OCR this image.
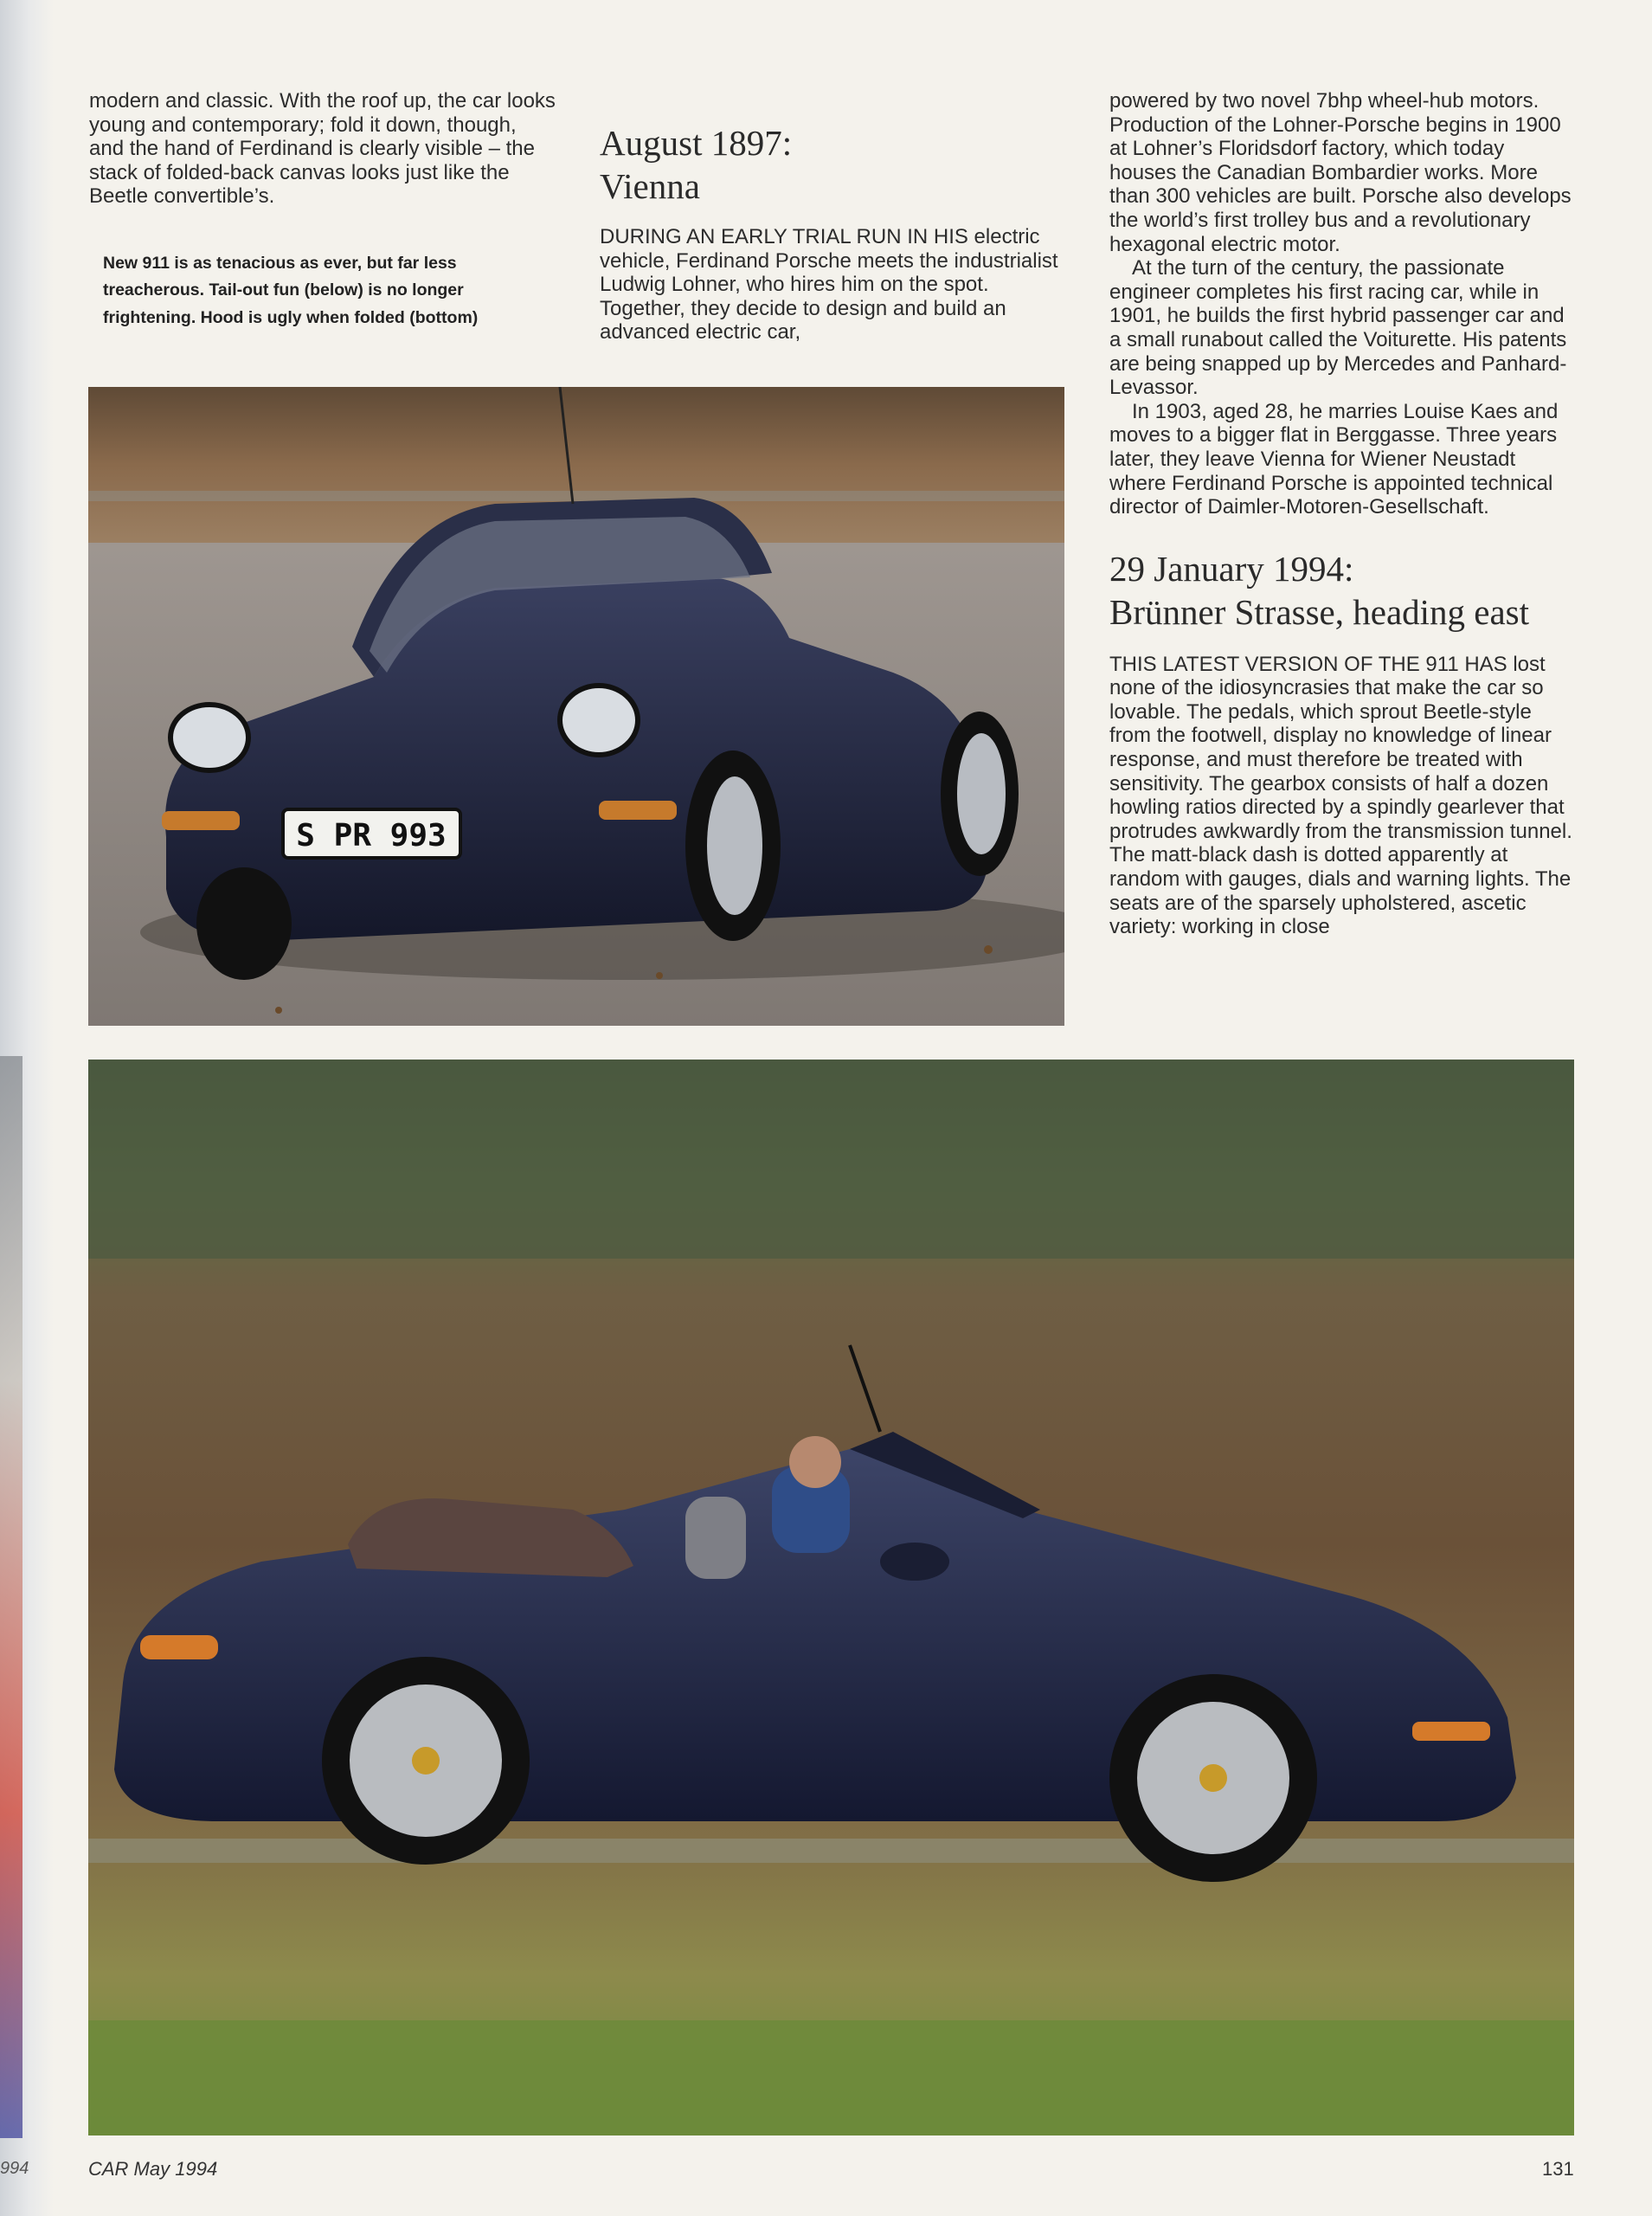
994

modern and classic. With the roof up, the car looks young and contemporary; fold it down, though, and the hand of Ferdinand is clearly visible – the stack of folded-back canvas looks just like the Beetle convertible’s.

New 911 is as tenacious as ever, but far less treacherous. Tail-out fun (below) is no longer frightening. Hood is ugly when folded (bottom)

August 1897:
Vienna

DURING AN EARLY TRIAL RUN IN HIS electric vehicle, Ferdinand Porsche meets the industrialist Ludwig Lohner, who hires him on the spot. Together, they decide to design and build an advanced electric car,

powered by two novel 7bhp wheel-hub motors. Production of the Lohner-Porsche begins in 1900 at Lohner’s Floridsdorf factory, which today houses the Canadian Bombardier works. More than 300 vehicles are built. Porsche also develops the world’s first trolley bus and a revolutionary hexagonal electric motor.

At the turn of the century, the passionate engineer completes his first racing car, while in 1901, he builds the first hybrid passenger car and a small runabout called the Voiturette. His patents are being snapped up by Mercedes and Panhard-Levassor.

In 1903, aged 28, he marries Louise Kaes and moves to a bigger flat in Berggasse. Three years later, they leave Vienna for Wiener Neustadt where Ferdinand Porsche is appointed technical director of Daimler-Motoren-Gesellschaft.

29 January 1994:
Brünner Strasse, heading east

THIS LATEST VERSION OF THE 911 HAS lost none of the idiosyncrasies that make the car so lovable. The pedals, which sprout Beetle-style from the footwell, display no knowledge of linear response, and must therefore be treated with sensitivity. The gearbox consists of half a dozen howling ratios directed by a spindly gearlever that protrudes awkwardly from the transmission tunnel. The matt-black dash is dotted apparently at random with gauges, dials and warning lights. The seats are of the sparsely upholstered, ascetic variety: working in close

S PR 993
CAR May 1994	131
